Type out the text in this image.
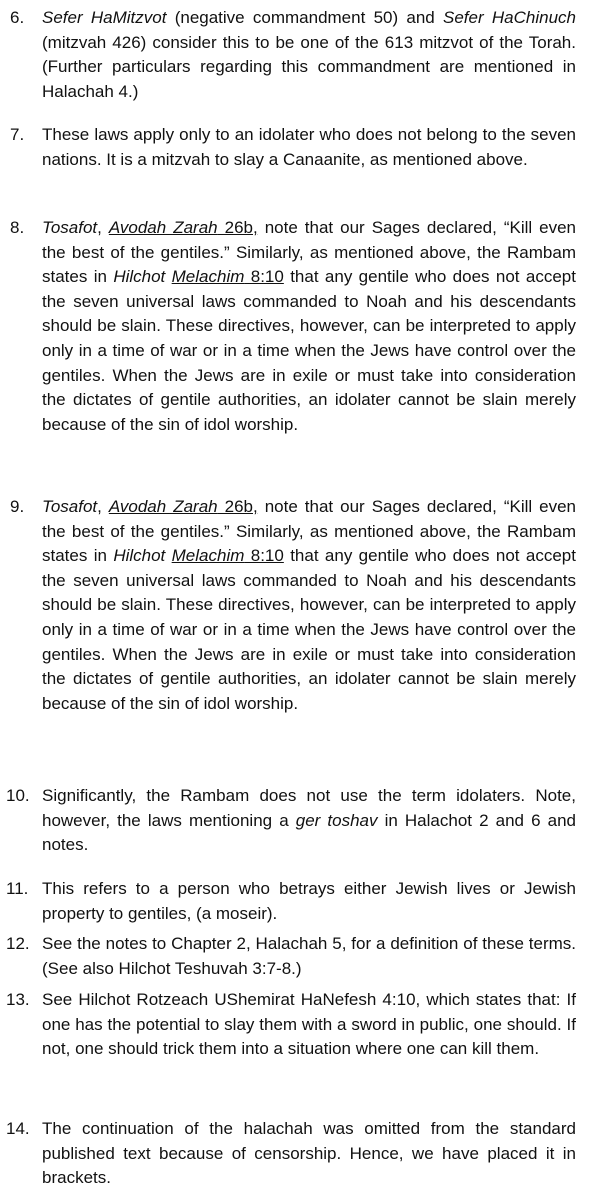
6.	Sefer HaMitzvot (negative commandment 50) and Sefer HaChinuch (mitzvah 426) consider this to be one of the 613 mitzvot of the Torah. (Further particulars regarding this commandment are mentioned in Halachah 4.)
7.	These laws apply only to an idolater who does not belong to the seven nations. It is a mitzvah to slay a Canaanite, as mentioned above.
8.	Tosafot, Avodah Zarah 26b, note that our Sages declared, “Kill even the best of the gentiles.” Similarly, as mentioned above, the Rambam states in Hilchot Melachim 8:10 that any gentile who does not accept the seven universal laws commanded to Noah and his descendants should be slain. These directives, however, can be interpreted to apply only in a time of war or in a time when the Jews have control over the gentiles. When the Jews are in exile or must take into consideration the dictates of gentile authorities, an idolater cannot be slain merely because of the sin of idol worship.
9.	Tosafot, Avodah Zarah 26b, note that our Sages declared, “Kill even the best of the gentiles.” Similarly, as mentioned above, the Rambam states in Hilchot Melachim 8:10 that any gentile who does not accept the seven universal laws commanded to Noah and his descendants should be slain. These directives, however, can be interpreted to apply only in a time of war or in a time when the Jews have control over the gentiles. When the Jews are in exile or must take into consideration the dictates of gentile authorities, an idolater cannot be slain merely because of the sin of idol worship.
10. Significantly, the Rambam does not use the term idolaters. Note, however, the laws mentioning a ger toshav in Halachot 2 and 6 and notes.
11. This refers to a person who betrays either Jewish lives or Jewish property to gentiles, (a moseir).
12. See the notes to Chapter 2, Halachah 5, for a definition of these terms. (See also Hilchot Teshuvah 3:7-8.)
13. See Hilchot Rotzeach UShemirat HaNefesh 4:10, which states that: If one has the potential to slay them with a sword in public, one should. If not, one should trick them into a situation where one can kill them.
14. The continuation of the halachah was omitted from the standard published text because of censorship. Hence, we have placed it in brackets.
